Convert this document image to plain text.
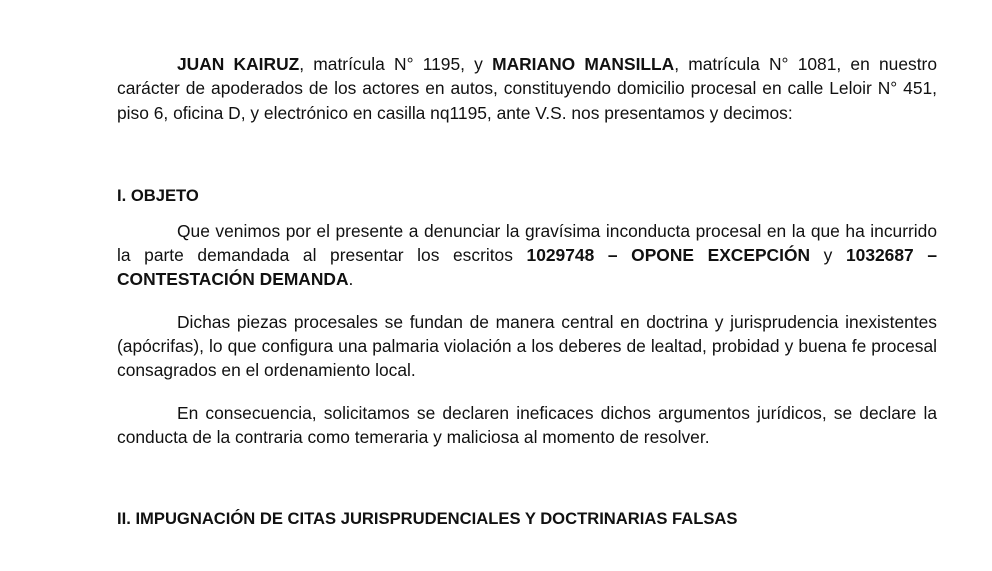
JUAN KAIRUZ, matrícula N° 1195, y MARIANO MANSILLA, matrícula N° 1081, en nuestro carácter de apoderados de los actores en autos, constituyendo domicilio procesal en calle Leloir N° 451, piso 6, oficina D, y electrónico en casilla nq1195, ante V.S. nos presentamos y decimos:

I. OBJETO

Que venimos por el presente a denunciar la gravísima inconducta procesal en la que ha incurrido la parte demandada al presentar los escritos 1029748 – OPONE EXCEPCIÓN y 1032687 – CONTESTACIÓN DEMANDA.

Dichas piezas procesales se fundan de manera central en doctrina y jurisprudencia inexistentes (apócrifas), lo que configura una palmaria violación a los deberes de lealtad, probidad y buena fe procesal consagrados en el ordenamiento local.

En consecuencia, solicitamos se declaren ineficaces dichos argumentos jurídicos, se declare la conducta de la contraria como temeraria y maliciosa al momento de resolver.

II. IMPUGNACIÓN DE CITAS JURISPRUDENCIALES Y DOCTRINARIAS FALSAS
